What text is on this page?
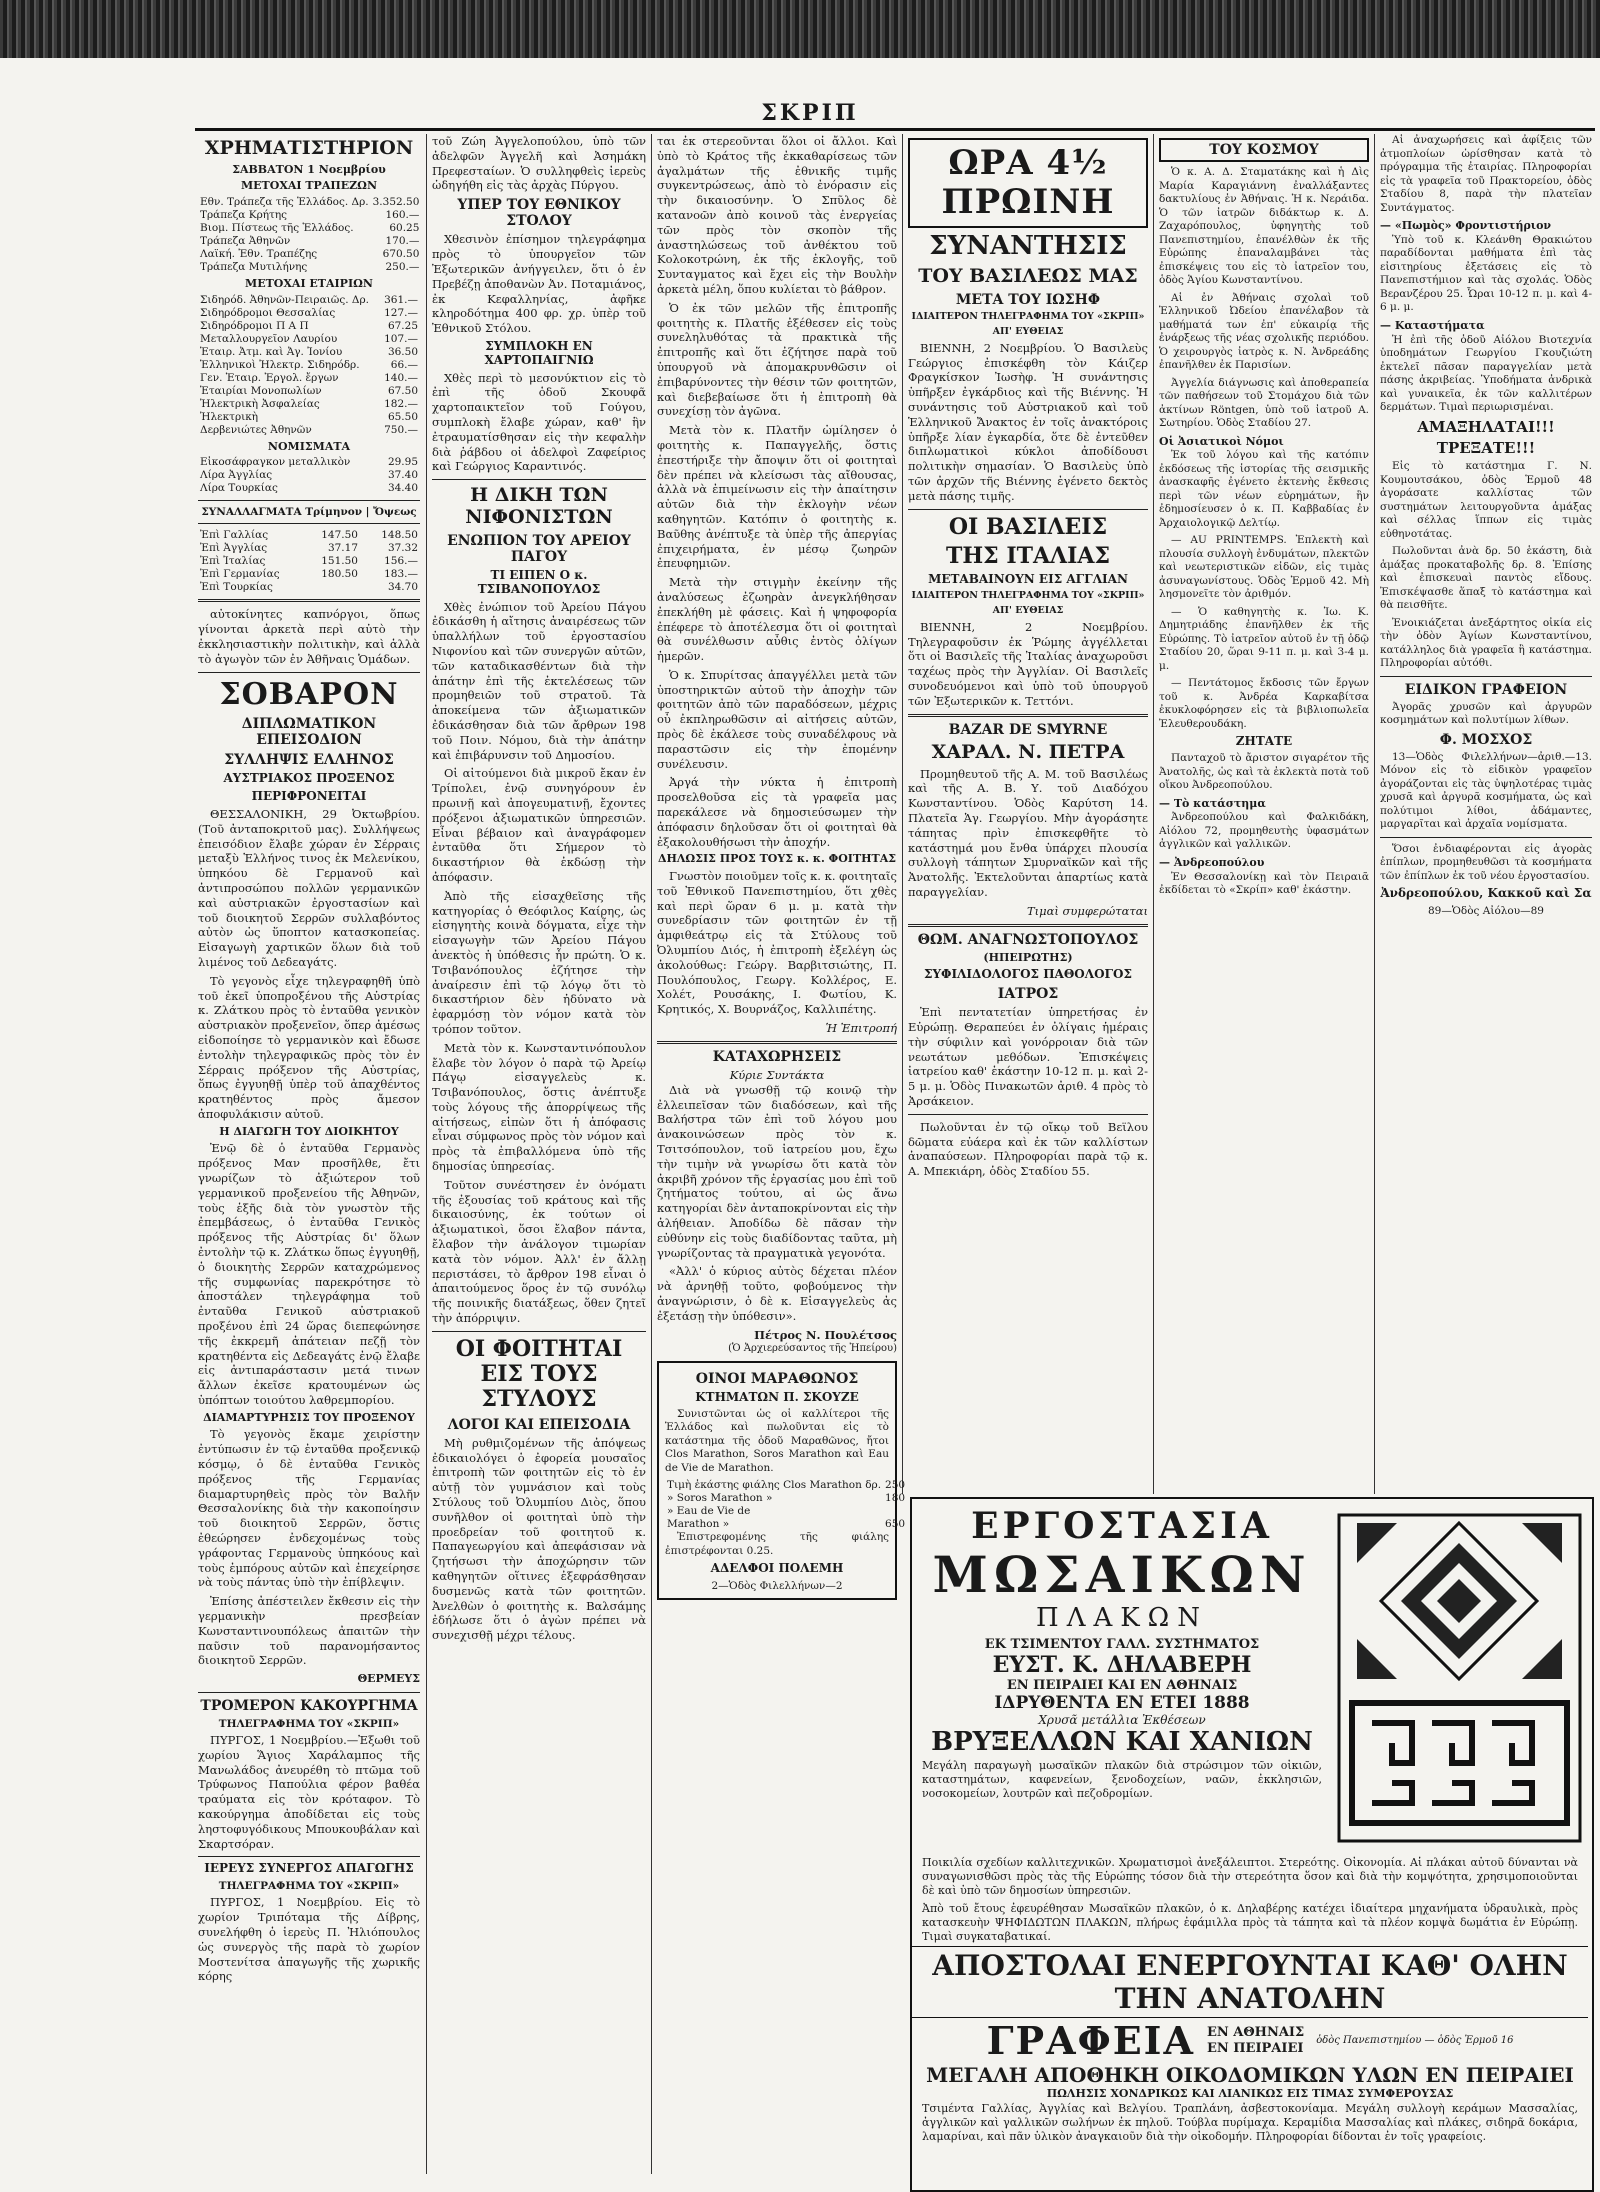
ΣΚΡΙΠ
ΧΡΗΜΑΤΙΣΤΗΡΙΟΝ
ΣΑΒΒΑΤΟΝ 1 Νοεμβρίου
ΜΕΤΟΧΑΙ ΤΡΑΠΕΖΩΝ
Εθν. Τράπεζα τῆς Ἑλλάδος. Δρ.	3.352.50
Τράπεζα Κρήτης	160.—
Βιομ. Πίστεως τῆς Ἑλλάδος.	60.25
Τράπεζα Ἀθηνῶν	170.—
Λαϊκή. Ἐθν. Τραπέζης	670.50
Τράπεζα Μυτιλήνης	250.—
ΜΕΤΟΧΑΙ ΕΤΑΙΡΙΩΝ
Σιδηρόδ. Ἀθηνῶν-Πειραιῶς. Δρ.	361.—
Σιδηρόδρομοι Θεσσαλίας	127.—
Σιδηρόδρομοι Π Α Π	67.25
Μεταλλουργεῖον Λαυρίου	107.—
Ἑταιρ. Ἀτμ. καὶ Ἀγ. Ἰονίου	36.50
Ἑλληνικοὶ Ἠλεκτρ. Σιδηρόδρ.	66.—
Γεν. Ἑταιρ. Ἐργολ. ἔργων	140.—
Ἑταιρίαι Μονοπωλίων	67.50
Ἠλεκτρικὴ Ἀσφαλείας	182.—
Ἠλεκτρικὴ	65.50
Δερβενιώτες Ἀθηνῶν	750.—
ΝΟΜΙΣΜΑΤΑ
Εἰκοσάφραγκον μεταλλικὸν	29.95
Λίρα Ἀγγλίας	37.40
Λίρα Τουρκίας	34.40
ΣΥΝΑΛΛΑΓΜΑΤΑ Τρίμηνον | Ὄψεως
Ἐπὶ Γαλλίας	147.50	148.50
Ἐπὶ Ἀγγλίας	37.17	37.32
Ἐπὶ Ἰταλίας	151.50	156.—
Ἐπὶ Γερμανίας	180.50	183.—
Ἐπὶ Τουρκίας		34.70

αὐτοκίνητες καπνόργοι, ὅπως γίνονται ἀρκετὰ περὶ αὐτὸ τὴν ἐκκλησιαστικὴν πολιτικὴν, καὶ ἁλλὰ τὸ ἀγωγὸν τῶν ἐν Ἀθῆναις Ὁμάδων.

ΣΟΒΑΡΟΝ
ΔΙΠΛΩΜΑΤΙΚΟΝ ΕΠΕΙΣΟΔΙΟΝ
ΣΥΛΛΗΨΙΣ ΕΛΛΗΝΟΣ
ΑΥΣΤΡΙΑΚΟΣ ΠΡΟΞΕΝΟΣ
ΠΕΡΙΦΡΟΝΕΙΤΑΙ

ΘΕΣΣΑΛΟΝΙΚΗ, 29 Ὀκτωβρίου. (Τοῦ ἀνταποκριτοῦ μας). Συλλήψεως ἐπεισόδιον ἔλαβε χώραν ἐν Σέρραις μεταξὺ Ἑλλήνος τινος ἐκ Μελενίκου, ὑπηκόου δὲ Γερμανοῦ καὶ ἀντιπροσώπου πολλῶν γερμανικῶν καὶ αὐστριακῶν ἐργοστασίων καὶ τοῦ διοικητοῦ Σερρῶν συλλαβόντος αὐτὸν ὡς ὕποπτον κατασκοπείας. Εἰσαγωγὴ χαρτικῶν ὅλων διὰ τοῦ λιμένος τοῦ Δεδεαγάτς.

Τὸ γεγονὸς εἶχε τηλεγραφηθῆ ὑπὸ τοῦ ἐκεῖ ὑποπροξένου τῆς Αὐστρίας κ. Ζλάτκου πρὸς τὸ ἐνταῦθα γενικὸν αὐστριακὸν προξενεῖον, ὅπερ ἀμέσως εἰδοποίησε τὸ γερμανικὸν καὶ ἔδωσε ἐντολὴν τηλεγραφικῶς πρὸς τὸν ἐν Σέρραις πρόξενον τῆς Αὐστρίας, ὅπως ἐγγυηθῇ ὑπὲρ τοῦ ἀπαχθέντος κρατηθέντος πρὸς ἄμεσον ἀποφυλάκισιν αὐτοῦ.

Η ΔΙΑΓΩΓΗ ΤΟΥ ΔΙΟΙΚΗΤΟΥ

Ἐνῷ δὲ ὁ ἐνταῦθα Γερμανὸς πρόξενος Μαν προσῆλθε, ἔτι γνωρίζων τὸ ἀξιώτερον τοῦ γερμανικοῦ προξενείου τῆς Ἀθηνῶν, τοὺς ἑξῆς διὰ τὸν γνωστὸν τῆς ἐπεμβάσεως, ὁ ἐνταῦθα Γενικὸς πρόξενος τῆς Αὐστρίας δι' ὅλων ἐντολὴν τῷ κ. Ζλάτκω ὅπως ἐγγυηθῇ, ὁ διοικητὴς Σερρῶν καταχρώμενος τῆς συμφωνίας παρεκρότησε τὸ ἀποστάλεν τηλεγράφημα τοῦ ἐνταῦθα Γενικοῦ αὐστριακοῦ προξένου ἐπὶ 24 ὥρας διεπεφώνησε τῆς ἐκκρεμῆ ἀπάτειαν πεζῇ τὸν κρατηθέντα εἰς Δεδεαγάτς ἐνῷ ἔλαβε εἰς ἀντιπαράστασιν μετά τινων ἄλλων ἐκεῖσε κρατουμένων ὡς ὑπόπτων τοιούτου λαθρεμπορίου.

ΔΙΑΜΑΡΤΥΡΗΣΙΣ ΤΟΥ ΠΡΟΞΕΝΟΥ

Τὸ γεγονὸς ἔκαμε χειρίστην ἐντύπωσιν ἐν τῷ ἐνταῦθα προξενικῷ κόσμῳ, ὁ δὲ ἐνταῦθα Γενικὸς πρόξενος τῆς Γερμανίας διαμαρτυρηθεὶς πρὸς τὸν Βαλῆν Θεσσαλονίκης διὰ τὴν κακοποίησιν τοῦ διοικητοῦ Σερρῶν, ὅστις ἐθεώρησεν ἐνδεχομένως τοὺς γράφοντας Γερμανοὺς ὑπηκόους καὶ τοὺς ἐμπόρους αὐτῶν καὶ ἐπεχείρησε νὰ τοὺς πάντας ὑπὸ τὴν ἐπίβλεψιν.

Ἐπίσης ἀπέστειλεν ἔκθεσιν εἰς τὴν γερμανικὴν πρεσβείαν Κωνσταντινουπόλεως ἀπαιτῶν τὴν παῦσιν τοῦ παρανομήσαντος διοικητοῦ Σερρῶν.

ΘΕΡΜΕΥΣ
ΤΡΟΜΕΡΟΝ ΚΑΚΟΥΡΓΗΜΑ
ΤΗΛΕΓΡΑΦΗΜΑ ΤΟΥ «ΣΚΡΙΠ»

ΠΥΡΓΟΣ, 1 Νοεμβρίου.—Ἐξωθι τοῦ χωρίου Ἅγιος Χαράλαμπος τῆς Μανωλάδος ἀνευρέθη τὸ πτῶμα τοῦ Τρύφωνος Παπούλια φέρον βαθέα τραύματα εἰς τὸν κρόταφον. Τὸ κακούργημα ἀποδίδεται εἰς τοὺς ληστοφυγόδικους Μπουκουβάλαν καὶ Σκαρτσόραν.

ΙΕΡΕΥΣ ΣΥΝΕΡΓΟΣ ΑΠΑΓΩΓΗΣ
ΤΗΛΕΓΡΑΦΗΜΑ ΤΟΥ «ΣΚΡΙΠ»

ΠΥΡΓΟΣ, 1 Νοεμβρίου. Εἰς τὸ χωρίον Τριπόταμα τῆς Δίβρης, συνελήφθη ὁ ἱερεὺς Π. Ἠλιόπουλος ὡς συνεργὸς τῆς παρὰ τὸ χωρίον Μοστενίτσα ἀπαγωγῆς τῆς χωρικῆς κόρης

τοῦ Ζώη Ἀγγελοπούλου, ὑπὸ τῶν ἀδελφῶν Ἀγγελῆ καὶ Ἀσημάκη Πρεφεσταίων. Ὁ συλληφθεὶς ἱερεὺς ὡδηγήθη εἰς τὰς ἀρχὰς Πύργου.

ΥΠΕΡ ΤΟΥ ΕΘΝΙΚΟΥ ΣΤΟΛΟΥ

Χθεσινὸν ἐπίσημον τηλεγράφημα πρὸς τὸ ὑπουργεῖον τῶν Ἐξωτερικῶν ἀνήγγειλεν, ὅτι ὁ ἐν Πρεβέζῃ ἀποθανὼν Ἀν. Ποταμιάνος, ἐκ Κεφαλληνίας, ἀφῆκε κληροδότημα 400 φρ. χρ. ὑπὲρ τοῦ Ἐθνικοῦ Στόλου.

ΣΥΜΠΛΟΚΗ ΕΝ ΧΑΡΤΟΠΑΙΓΝΙΩ

Χθὲς περὶ τὸ μεσονύκτιον εἰς τὸ ἐπὶ τῆς ὁδοῦ Σκουφᾶ χαρτοπαικτεῖον τοῦ Γούγου, συμπλοκὴ ἔλαβε χώραν, καθ' ἣν ἐτραυματίσθησαν εἰς τὴν κεφαλὴν διὰ ῥάβδου οἱ ἀδελφοὶ Ζαφείριος καὶ Γεώργιος Καραντινός.

Η ΔΙΚΗ ΤΩΝ ΝΙΦΟΝΙΣΤΩΝ
ΕΝΩΠΙΟΝ ΤΟΥ ΑΡΕΙΟΥ ΠΑΓΟΥ
ΤΙ ΕΙΠΕΝ Ο κ. ΤΣΙΒΑΝΟΠΟΥΛΟΣ

Χθὲς ἐνώπιον τοῦ Ἀρείου Πάγου ἐδικάσθη ἡ αἴτησις ἀναιρέσεως τῶν ὑπαλλήλων τοῦ ἐργοστασίου Νιφονίου καὶ τῶν συνεργῶν αὐτῶν, τῶν καταδικασθέντων διὰ τὴν ἀπάτην ἐπὶ τῆς ἐκτελέσεως τῶν προμηθειῶν τοῦ στρατοῦ. Τὰ ἀποκείμενα τῶν ἀξιωματικῶν ἐδικάσθησαν διὰ τῶν ἄρθρων 198 τοῦ Ποιν. Νόμου, διὰ τὴν ἀπάτην καὶ ἐπιβάρυνσιν τοῦ Δημοσίου.

Οἱ αἰτούμενοι διὰ μικροῦ ἔκαν ἐν Τρίπολει, ἐνῷ συνηγόρουν ἐν πρωινῇ καὶ ἀπογευματινῇ, ἔχοντες πρόξενοι ἀξιωματικῶν ὑπηρεσιῶν. Εἶναι βέβαιον καὶ ἀναγράφομεν ἐνταῦθα ὅτι Σήμερον τὸ δικαστήριον θὰ ἐκδώσῃ τὴν ἀπόφασιν.

Ἀπὸ τῆς εἰσαχθεῖσης τῆς κατηγορίας ὁ Θεόφιλος Καίρης, ὡς εἰσηγητὴς κοινὰ δόγματα, εἶχε τὴν εἰσαγωγὴν τῶν Ἀρείου Πάγου ἀνεκτὸς ἡ ὑπόθεσις ἦν πρώτη. Ὁ κ. Τσιβανόπουλος ἐζήτησε τὴν ἀναίρεσιν ἐπὶ τῷ λόγῳ ὅτι τὸ δικαστήριον δὲν ἠδύνατο νὰ ἐφαρμόσῃ τὸν νόμον κατὰ τὸν τρόπον τοῦτον.

Μετὰ τὸν κ. Κωνσταντινόπουλον ἔλαβε τὸν λόγον ὁ παρὰ τῷ Ἀρείῳ Πάγῳ εἰσαγγελεὺς κ. Τσιβανόπουλος, ὅστις ἀνέπτυξε τοὺς λόγους τῆς ἀπορρίψεως τῆς αἰτήσεως, εἰπὼν ὅτι ἡ ἀπόφασις εἶναι σύμφωνος πρὸς τὸν νόμον καὶ πρὸς τὰ ἐπιβαλλόμενα ὑπὸ τῆς δημοσίας ὑπηρεσίας.

Τοῦτον συνέστησεν ἐν ὀνόματι τῆς ἐξουσίας τοῦ κράτους καὶ τῆς δικαιοσύνης, ἐκ τούτων οἱ ἀξιωματικοὶ, ὅσοι ἔλαβον πάντα, ἔλαβον τὴν ἀνάλογον τιμωρίαν κατὰ τὸν νόμον. Ἀλλ' ἐν ἄλλῃ περιστάσει, τὸ ἄρθρον 198 εἶναι ὁ ἀπαιτούμενος ὅρος ἐν τῷ συνόλῳ τῆς ποινικῆς διατάξεως, ὅθεν ζητεῖ τὴν ἀπόρριψιν.

ΟΙ ΦΟΙΤΗΤΑΙ ΕΙΣ ΤΟΥΣ ΣΤΥΛΟΥΣ
ΛΟΓΟΙ ΚΑΙ ΕΠΕΙΣΟΔΙΑ

Μὴ ρυθμιζομένων τῆς ἀπόψεως ἐδικαιολόγει ὁ ἐφορεία μουσαῖος ἐπιτροπὴ τῶν φοιτητῶν εἰς τὸ ἐν αὐτῇ τὸν γυμνάσιον καὶ τοὺς Στύλους τοῦ Ὀλυμπίου Διὸς, ὅπου συνῆλθον οἱ φοιτηταὶ ὑπὸ τὴν προεδρείαν τοῦ φοιτητοῦ κ. Παπαγεωργίου καὶ ἀπεφάσισαν νὰ ζητήσωσι τὴν ἀποχώρησιν τῶν καθηγητῶν οἵτινες ἐξεφράσθησαν δυσμενῶς κατὰ τῶν φοιτητῶν. Ἀνελθὼν ὁ φοιτητὴς κ. Βαλσάμης ἐδήλωσε ὅτι ὁ ἀγὼν πρέπει νὰ συνεχισθῇ μέχρι τέλους.

ται ἐκ στερεοῦνται ὅλοι οἱ ἄλλοι. Καὶ ὑπὸ τὸ Κράτος τῆς ἐκκαθαρίσεως τῶν ἀγαλμάτων τῆς ἐθνικῆς τιμῆς συγκεντρώσεως, ἀπὸ τὸ ἐνόρασιν εἰς τὴν δικαιοσύνην. Ὁ Σπῦλος δὲ κατανοῶν ἀπὸ κοινοῦ τὰς ἐνεργείας τῶν πρὸς τὸν σκοπὸν τῆς ἀναστηλώσεως τοῦ ἀνθέκτου τοῦ Κολοκοτρώνη, ἐκ τῆς ἐκλογῆς, τοῦ Συνταγματος καὶ ἔχει εἰς τὴν Βουλὴν ἀρκετὰ μέλη, ὅπου κυλίεται τὸ βάθρον.

Ὁ ἐκ τῶν μελῶν τῆς ἐπιτροπῆς φοιτητὴς κ. Πλατῆς ἐξέθεσεν εἰς τοὺς συνεληλυθότας τὰ πρακτικὰ τῆς ἐπιτροπῆς καὶ ὅτι ἐζήτησε παρὰ τοῦ ὑπουργοῦ νὰ ἀπομακρυνθῶσιν οἱ ἐπιβαρύνοντες τὴν θέσιν τῶν φοιτητῶν, καὶ διεβεβαίωσε ὅτι ἡ ἐπιτροπὴ θὰ συνεχίσῃ τὸν ἀγῶνα.

Μετὰ τὸν κ. Πλατῆν ὡμίλησεν ὁ φοιτητὴς κ. Παπαγγελῆς, ὅστις ἐπεστήριξε τὴν ἄποψιν ὅτι οἱ φοιτηταὶ δὲν πρέπει νὰ κλείσωσι τὰς αἴθουσας, ἀλλὰ νὰ ἐπιμείνωσιν εἰς τὴν ἀπαίτησιν αὐτῶν διὰ τὴν ἐκλογὴν νέων καθηγητῶν. Κατόπιν ὁ φοιτητὴς κ. Βαῦθης ἀνέπτυξε τὰ ὑπὲρ τῆς ἀπεργίας ἐπιχειρήματα, ἐν μέσῳ ζωηρῶν ἐπευφημιῶν.

Μετὰ τὴν στιγμὴν ἐκείνην τῆς ἀναλύσεως ἐζωηρὰν ἀνεγκλήθησαν ἐπεκλήθη μὲ φάσεις. Καὶ ἡ ψηφοφορία ἐπέφερε τὸ ἀποτέλεσμα ὅτι οἱ φοιτηταὶ θὰ συνέλθωσιν αὖθις ἐντὸς ὀλίγων ἡμερῶν.

Ὁ κ. Σπυρίτσας ἀπαγγέλλει μετὰ τῶν ὑποστηρικτῶν αὐτοῦ τὴν ἀποχὴν τῶν φοιτητῶν ἀπὸ τῶν παραδόσεων, μέχρις οὗ ἐκπληρωθῶσιν αἱ αἰτήσεις αὐτῶν, πρὸς δὲ ἐκάλεσε τοὺς συναδέλφους νὰ παραστῶσιν εἰς τὴν ἐπομένην συνέλευσιν.

Ἀργά τὴν νύκτα ἡ ἐπιτροπὴ προσελθοῦσα εἰς τὰ γραφεῖα μας παρεκάλεσε νὰ δημοσιεύσωμεν τὴν ἀπόφασιν δηλοῦσαν ὅτι οἱ φοιτηταὶ θὰ ἐξακολουθήσωσι τὴν ἀποχήν.

ΔΗΛΩΣΙΣ ΠΡΟΣ ΤΟΥΣ κ. κ. ΦΟΙΤΗΤΑΣ

Γνωστὸν ποιοῦμεν τοῖς κ. κ. φοιτηταῖς τοῦ Ἐθνικοῦ Πανεπιστημίου, ὅτι χθὲς καὶ περὶ ὥραν 6 μ. μ. κατὰ τὴν συνεδρίασιν τῶν φοιτητῶν ἐν τῇ ἀμφιθεάτρῳ εἰς τὰ Στύλους τοῦ Ὀλυμπίου Διός, ἡ ἐπιτροπὴ ἐξελέγη ὡς ἀκολούθως: Γεώργ. Βαρβιτσιώτης, Π. Πουλόπουλος, Γεωργ. Κολλέρος, Ε. Χολέτ, Ρουσάκης, Ι. Φωτίου, Κ. Κρητικός, Χ. Βουρνάζος, Καλλιπέτης.

Ἡ Ἐπιτροπή
ΚΑΤΑΧΩΡΗΣΕΙΣ
Κύριε Συντάκτα

Διὰ νὰ γνωσθῇ τῷ κοινῷ τὴν ἐλλειπεῖσαν τῶν διαδόσεων, καὶ τῆς Βαλήστρα τῶν ἐπὶ τοῦ λόγου μου ἀνακοινώσεων πρὸς τὸν κ. Τσιτσόπουλον, τοῦ ἰατρείου μου, ἔχω τὴν τιμὴν νὰ γνωρίσω ὅτι κατὰ τὸν ἀκριβῆ χρόνον τῆς ἐργασίας μου ἐπὶ τοῦ ζητήματος τούτου, αἱ ὡς ἄνω κατηγορίαι δὲν ἀνταποκρίνονται εἰς τὴν ἀλήθειαν. Ἀποδίδω δὲ πᾶσαν τὴν εὐθύνην εἰς τοὺς διαδίδοντας ταῦτα, μὴ γνωρίζοντας τὰ πραγματικὰ γεγονότα.

«Ἀλλ' ὁ κύριος αὐτὸς δέχεται πλέον νὰ ἀρνηθῇ τοῦτο, φοβούμενος τὴν ἀναγνώρισιν, ὁ δὲ κ. Εἰσαγγελεὺς ἀς ἐξετάσῃ τὴν ὑπόθεσιν».

Πέτρος Ν. Πουλέτσος
(Ὁ Ἀρχιερεύσαντος τῆς Ἠπείρου)
ΟΙΝΟΙ ΜΑΡΑΘΩΝΟΣ
ΚΤΗΜΑΤΩΝ Π. ΣΚΟΥΖΕ

Συνιστῶνται ὡς οἱ καλλίτεροι τῆς Ἑλλάδος καὶ πωλοῦνται εἰς τὸ κατάστημα τῆς ὁδοῦ Μαραθῶνος, ἤτοι Clos Marathon, Soros Marathon καὶ Eau de Vie de Marathon.

Τιμὴ ἐκάστης φιάλης Clos Marathon δρ.	250
» Soros Marathon »	180
» Eau de Vie de	
Marathon »	650

Ἐπιστρεφομένης τῆς φιάλης ἐπιστρέφονται 0.25.

ΑΔΕΛΦΟΙ ΠΟΛΕΜΗ
2—Ὁδὸς Φιλελλήνων—2
ΩΡΑ 4½ ΠΡΩΙΝΗ
ΣΥΝΑΝΤΗΣΙΣ
ΤΟΥ ΒΑΣΙΛΕΩΣ ΜΑΣ
ΜΕΤΑ ΤΟΥ ΙΩΣΗΦ
ΙΔΙΑΙΤΕΡΟΝ ΤΗΛΕΓΡΑΦΗΜΑ ΤΟΥ «ΣΚΡΙΠ»
ΑΠ' ΕΥΘΕΙΑΣ

ΒΙΕΝΝΗ, 2 Νοεμβρίου. Ὁ Βασιλεὺς Γεώργιος ἐπισκέφθη τὸν Κάιζερ Φραγκίσκον Ἰωσὴφ. Ἡ συνάντησις ὑπῆρξεν ἐγκάρδιος καὶ τῆς Βιέννης. Ἡ συνάντησις τοῦ Αὐστριακοῦ καὶ τοῦ Ἑλληνικοῦ Ἄνακτος ἐν τοῖς ἀνακτόροις ὑπῆρξε λίαν ἐγκαρδία, ὅτε δὲ ἐντεῦθεν διπλωματικοὶ κύκλοι ἀποδίδουσι πολιτικὴν σημασίαν. Ὁ Βασιλεὺς ὑπὸ τῶν ἀρχῶν τῆς Βιέννης ἐγένετο δεκτὸς μετὰ πάσης τιμῆς.

ΟΙ ΒΑΣΙΛΕΙΣ
ΤΗΣ ΙΤΑΛΙΑΣ
ΜΕΤΑΒΑΙΝΟΥΝ ΕΙΣ ΑΓΓΛΙΑΝ
ΙΔΙΑΙΤΕΡΟΝ ΤΗΛΕΓΡΑΦΗΜΑ ΤΟΥ «ΣΚΡΙΠ»
ΑΠ' ΕΥΘΕΙΑΣ

ΒΙΕΝΝΗ, 2 Νοεμβρίου. Τηλεγραφοῦσιν ἐκ Ῥώμης ἀγγέλλεται ὅτι οἱ Βασιλεῖς τῆς Ἰταλίας ἀναχωροῦσι ταχέως πρὸς τὴν Ἀγγλίαν. Οἱ Βασιλεῖς συνοδευόμενοι καὶ ὑπὸ τοῦ ὑπουργοῦ τῶν Ἐξωτερικῶν κ. Τεττόνι.

BAZAR DE SMYRNE
ΧΑΡΑΛ. Ν. ΠΕΤΡΑ

Προμηθευτοῦ τῆς Α. Μ. τοῦ Βασιλέως καὶ τῆς Α. Β. Υ. τοῦ Διαδόχου Κωνσταντίνου. Ὁδὸς Καρύτση 14. Πλατεῖα Ἁγ. Γεωργίου. Μὴν ἀγοράσητε τάπητας πρὶν ἐπισκεφθῆτε τὸ κατάστημά μου ἔνθα ὑπάρχει πλουσία συλλογὴ τάπητων Σμυρναϊκῶν καὶ τῆς Ἀνατολῆς. Ἐκτελοῦνται ἀπαρτίως κατὰ παραγγελίαν.

Τιμαὶ συμφερώταται
ΘΩΜ. ΑΝΑΓΝΩΣΤΟΠΟΥΛΟΣ
(ΗΠΕΙΡΩΤΗΣ)
ΣΥΦΙΛΙΔΟΛΟΓΟΣ ΠΑΘΟΛΟΓΟΣ
ΙΑΤΡΟΣ

Ἐπὶ πεντατετίαν ὑπηρετήσας ἐν Εὐρώπῃ. Θεραπεύει ἐν ὀλίγαις ἡμέραις τὴν σύφιλιν καὶ γονόρροιαν διὰ τῶν νεωτάτων μεθόδων. Ἐπισκέψεις ἰατρείου καθ' ἑκάστην 10-12 π. μ. καὶ 2-5 μ. μ. Ὁδὸς Πινακωτῶν ἀριθ. 4 πρὸς τὸ Ἀρσάκειον.

Πωλοῦνται ἐν τῷ οἴκῳ τοῦ Βεϊλου δῶματα εὐάερα καὶ ἐκ τῶν καλλίστων ἀναπαύσεων. Πληροφορίαι παρὰ τῷ κ. Α. Μπεκιάρη, ὁδὸς Σταδίου 55.

ΤΟΥ ΚΟΣΜΟΥ

Ὁ κ. Α. Δ. Σταματάκης καὶ ἡ Δὶς Μαρία Καραγιάννη ἐναλλάξαντες δακτυλίους ἐν Ἀθήναις. Ἡ κ. Νεράιδα. Ὁ τῶν ἰατρῶν διδάκτωρ κ. Δ. Ζαχαρόπουλος, ὑφηγητὴς τοῦ Πανεπιστημίου, ἐπανέλθὼν ἐκ τῆς Εὐρώπης ἐπαναλαμβάνει τὰς ἐπισκέψεις του εἰς τὸ ἰατρεῖον του, ὁδὸς Ἁγίου Κωνσταντίνου.

Αἱ ἐν Ἀθήναις σχολαὶ τοῦ Ἑλληνικοῦ Ὠδείου ἐπανέλαβον τὰ μαθήματά των ἐπ' εὐκαιρίᾳ τῆς ἐνάρξεως τῆς νέας σχολικῆς περιόδου. Ὁ χειρουργὸς ἰατρὸς κ. Ν. Ἀνδρεάδης ἐπανῆλθεν ἐκ Παρισίων.

Ἀγγελία διάγνωσις καὶ ἀποθεραπεία τῶν παθήσεων τοῦ Στομάχου διὰ τῶν ἀκτίνων Röntgen, ὑπὸ τοῦ ἰατροῦ Α. Σωτηρίου. Ὁδὸς Σταδίου 27.

Οἱ Ἀσιατικοὶ Νόμοι

Ἐκ τοῦ λόγου καὶ τῆς κατόπιν ἐκδόσεως τῆς ἱστορίας τῆς σεισμικῆς ἀνασκαφῆς ἐγένετο ἐκτενὴς ἔκθεσις περὶ τῶν νέων εὑρημάτων, ἣν ἐδημοσίευσεν ὁ κ. Π. Καββαδίας ἐν Ἀρχαιολογικῷ Δελτίῳ.

— AU PRINTEMPS. Ἐπλεκτὴ καὶ πλουσία συλλογὴ ἐνδυμάτων, πλεκτῶν καὶ νεωτεριστικῶν εἰδῶν, εἰς τιμὰς ἀσυναγωνίστους. Ὁδὸς Ἑρμοῦ 42. Μὴ λησμονεῖτε τὸν ἀριθμόν.

— Ὁ καθηγητὴς κ. Ἰω. Κ. Δημητριάδης ἐπανῆλθεν ἐκ τῆς Εὐρώπης. Τὸ ἰατρεῖον αὐτοῦ ἐν τῇ ὁδῷ Σταδίου 20, ὥραι 9-11 π. μ. καὶ 3-4 μ. μ.

— Πεντάτομος ἔκδοσις τῶν ἔργων τοῦ κ. Ἀνδρέα Καρκαβίτσα ἐκυκλοφόρησεν εἰς τὰ βιβλιοπωλεῖα Ἐλευθερουδάκη.

ΖΗΤΑΤΕ

Πανταχοῦ τὸ ἄριστον σιγαρέτον τῆς Ἀνατολῆς, ὡς καὶ τὰ ἐκλεκτὰ ποτὰ τοῦ οἴκου Ἀνδρεοπούλου.

— Τὸ κατάστημα

Ἀνδρεοπούλου καὶ Φαλκιδάκη, Αἰόλου 72, προμηθευτὴς ὑφασμάτων ἀγγλικῶν καὶ γαλλικῶν.

— Ἀνδρεοπούλου

Ἐν Θεσσαλονίκῃ καὶ τὸν Πειραιᾶ ἐκδίδεται τὸ «Σκρίπ» καθ' ἑκάστην.

Αἱ ἀναχωρήσεις καὶ ἀφίξεις τῶν ἀτμοπλοίων ὡρίσθησαν κατὰ τὸ πρόγραμμα τῆς ἐταιρίας. Πληροφορίαι εἰς τὰ γραφεῖα τοῦ Πρακτορείου, ὁδὸς Σταδίου 8, παρὰ τὴν πλατεῖαν Συντάγματος.

— «Πωμὸς» Φροντιστήριον

Ὑπὸ τοῦ κ. Κλεάνθη Θρακιώτου παραδίδονται μαθήματα ἐπὶ τὰς εἰσιτηρίους ἐξετάσεις εἰς τὸ Πανεπιστήμιον καὶ τὰς σχολάς. Ὁδὸς Βερανζέρου 25. Ὧραι 10-12 π. μ. καὶ 4-6 μ. μ.

— Καταστήματα

Ἡ ἐπὶ τῆς ὁδοῦ Αἰόλου Βιοτεχνία ὑποδημάτων Γεωργίου Γκουζιώτη ἐκτελεῖ πᾶσαν παραγγελίαν μετὰ πάσης ἀκριβείας. Ὑποδήματα ἀνδρικὰ καὶ γυναικεῖα, ἐκ τῶν καλλιτέρων δερμάτων. Τιμαὶ περιωρισμέναι.

ΑΜΑΞΗΛΑΤΑΙ!!!
ΤΡΕΞΑΤΕ!!!

Εἰς τὸ κατάστημα Γ. Ν. Κουμουτσάκου, ὁδὸς Ἑρμοῦ 48 ἀγοράσατε καλλίστας τῶν συστημάτων λειτουργοῦντα ἁμάξας καὶ σέλλας ἵππων εἰς τιμὰς εὐθηνοτάτας.

Πωλοῦνται ἀνὰ δρ. 50 ἑκάστη, διὰ ἁμάξας προκαταβολῆς δρ. 8. Ἐπίσης καὶ ἐπισκευαὶ παντὸς εἴδους. Ἐπισκέψασθε ἅπαξ τὸ κατάστημα καὶ θὰ πεισθῆτε.

Ἐνοικιάζεται ἀνεξάρτητος οἰκία εἰς τὴν ὁδὸν Ἀγίων Κωνσταντίνου, κατάλληλος διὰ γραφεῖα ἢ κατάστημα. Πληροφορίαι αὐτόθι.

ΕΙΔΙΚΟΝ ΓΡΑΦΕΙΟΝ

Ἀγορᾶς χρυσῶν καὶ ἀργυρῶν κοσμημάτων καὶ πολυτίμων λίθων.

Φ. ΜΟΣΧΟΣ

13—Ὁδὸς Φιλελλήνων—ἀριθ.—13. Μόνον εἰς τὸ εἰδικὸν γραφεῖον ἀγοράζονται εἰς τὰς ὑψηλοτέρας τιμὰς χρυσᾶ καὶ ἀργυρᾶ κοσμήματα, ὡς καὶ πολύτιμοι λίθοι, ἀδάμαντες, μαργαρῖται καὶ ἀρχαῖα νομίσματα.

Ὅσοι ἐνδιαφέρονται εἰς ἀγορὰς ἐπίπλων, προμηθευθῶσι τὰ κοσμήματα τῶν ἐπίπλων ἐκ τοῦ νέου ἐργοστασίου.

Ἀνδρεοπούλου, Κακκοῦ καὶ Σα
89—Ὁδὸς Αἰόλου—89
ΕΡΓΟΣΤΑΣΙΑ
ΜΩΣΑΙΚΩΝ
ΠΛΑΚΩΝ
ΕΚ ΤΣΙΜΕΝΤΟΥ ΓΑΛΛ. ΣΥΣΤΗΜΑΤΟΣ
ΕΥΣΤ. Κ. ΔΗΛΑΒΕΡΗ
ΕΝ ΠΕΙΡΑΙΕΙ ΚΑΙ ΕΝ ΑΘΗΝΑΙΣ
ΙΔΡΥΘΕΝΤΑ ΕΝ ΕΤΕΙ 1888
Χρυσᾶ μετάλλια Ἐκθέσεων
ΒΡΥΞΕΛΛΩΝ ΚΑΙ ΧΑΝΙΩΝ
Μεγάλη παραγωγὴ μωσαϊκῶν πλακῶν διὰ στρώσιμον τῶν οἰκιῶν, καταστημάτων, καφενείων, ξενοδοχείων, ναῶν, ἐκκλησιῶν, νοσοκομείων, λουτρῶν καὶ πεζοδρομίων.
Ποικιλία σχεδίων καλλιτεχνικῶν. Χρωματισμοὶ ἀνεξάλειπτοι. Στερεότης. Οἰκονομία. Αἱ πλάκαι αὐτοῦ δύνανται νὰ συναγωνισθῶσι πρὸς τὰς τῆς Εὐρώπης τόσον διὰ τὴν στερεότητα ὅσον καὶ διὰ τὴν κομψότητα, χρησιμοποιοῦνται δὲ καὶ ὑπὸ τῶν δημοσίων ὑπηρεσιῶν.
Ἀπὸ τοῦ ἔτους ἐφευρέθησαν Μωσαϊκῶν πλακῶν, ὁ κ. Δηλαβέρης κατέχει ἰδιαίτερα μηχανήματα ὑδραυλικὰ, πρὸς κατασκευὴν ΨΗΦΙΔΩΤΩΝ ΠΛΑΚΩΝ, πλήρως ἐφάμιλλα πρὸς τὰ τάπητα καὶ τὰ πλέον κομψὰ δωμάτια ἐν Εὐρώπῃ. Τιμαὶ συγκαταβατικαί.
ΑΠΟΣΤΟΛΑΙ ΕΝΕΡΓΟΥΝΤΑΙ ΚΑΘ' ΟΛΗΝ ΤΗΝ ΑΝΑΤΟΛΗΝ
ΓΡΑΦΕΙΑ ΕΝ ΑΘΗΝΑΙΣ
ΕΝ ΠΕΙΡΑΙΕΙ ὁδὸς Πανεπιστημίου — ὁδὸς Ἐρμοῦ 16
ΜΕΓΑΛΗ ΑΠΟΘΗΚΗ ΟΙΚΟΔΟΜΙΚΩΝ ΥΛΩΝ ΕΝ ΠΕΙΡΑΙΕΙ
ΠΩΛΗΣΙΣ ΧΟΝΔΡΙΚΩΣ ΚΑΙ ΛΙΑΝΙΚΩΣ ΕΙΣ ΤΙΜΑΣ ΣΥΜΦΕΡΟΥΣΑΣ
Τσιμέντα Γαλλίας, Ἀγγλίας καὶ Βελγίου. Τραπλάνη, ἀσβεστοκονίαμα. Μεγάλη συλλογὴ κεράμων Μασσαλίας, ἀγγλικῶν καὶ γαλλικῶν σωλήνων ἐκ πηλοῦ. Τούβλα πυρίμαχα. Κεραμίδια Μασσαλίας καὶ πλάκες, σιδηρᾶ δοκάρια, λαμαρίναι, καὶ πᾶν ὑλικὸν ἀναγκαιοῦν διὰ τὴν οἰκοδομήν. Πληροφορίαι δίδονται ἐν τοῖς γραφείοις.
